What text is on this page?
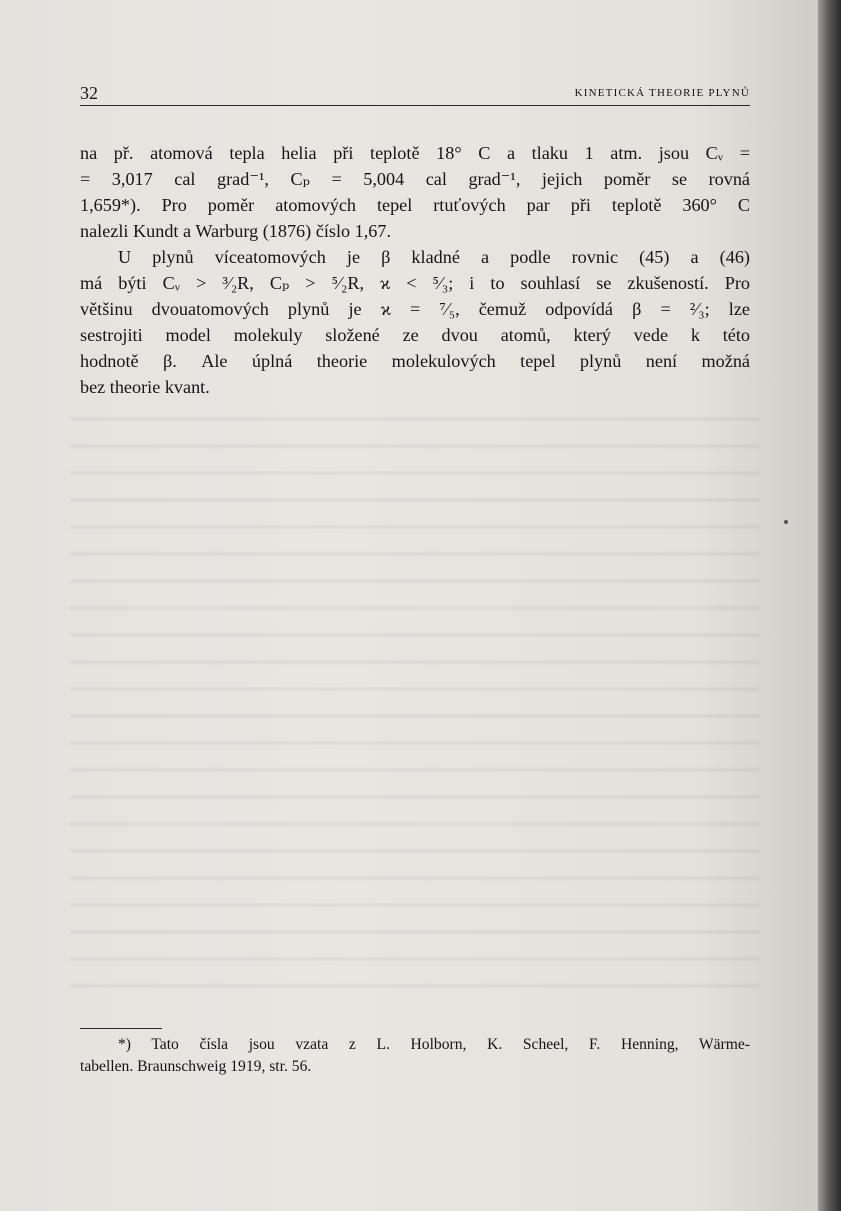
32	KINETICKÁ THEORIE PLYNŮ
na př. atomová tepla helia při teplotě 18° C a tlaku 1 atm. jsou Cᵥ =
= 3,017 cal grad⁻¹, Cₚ = 5,004 cal grad⁻¹, jejich poměr se rovná
1,659*). Pro poměr atomových tepel rtuťových par při teplotě 360° C
nalezli Kundt a Warburg (1876) číslo 1,67.
U plynů víceatomových je β kladné a podle rovnic (45) a (46)
má býti Cᵥ > ³⁄₂R, Cₚ > ⁵⁄₂R, ϰ < ⁵⁄₃; i to souhlasí se zkušeností. Pro
většinu dvouatomových plynů je ϰ = ⁷⁄₅, čemuž odpovídá β = ²⁄₃; lze
sestrojiti model molekuly složené ze dvou atomů, který vede k této
hodnotě β. Ale úplná theorie molekulových tepel plynů není možná
bez theorie kvant.
*) Tato čísla jsou vzata z L. Holborn, K. Scheel, F. Henning, Wärme-
tabellen. Braunschweig 1919, str. 56.
